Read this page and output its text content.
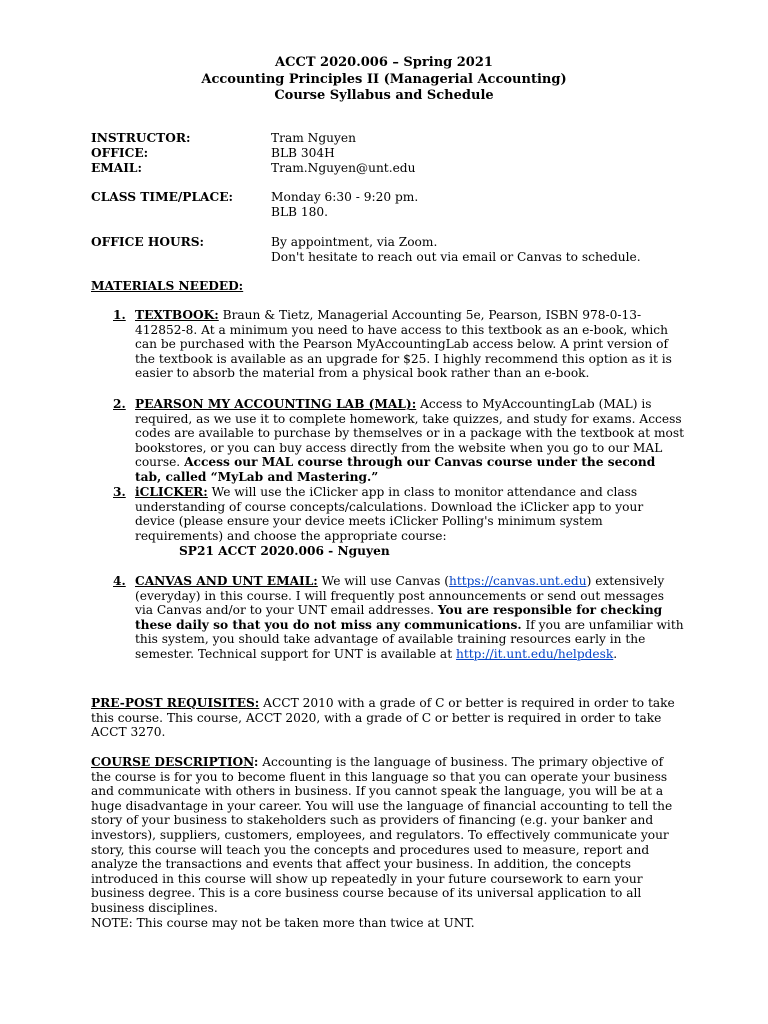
ACCT 2020.006 – Spring 2021
Accounting Principles II (Managerial Accounting)
Course Syllabus and Schedule
INSTRUCTOR:	Tram Nguyen
OFFICE:	BLB 304H
EMAIL:	Tram.Nguyen@unt.edu
CLASS TIME/PLACE:	Monday 6:30 - 9:20 pm.
BLB 180.
OFFICE HOURS:	By appointment, via Zoom.
Don't hesitate to reach out via email or Canvas to schedule.
MATERIALS NEEDED:
1. TEXTBOOK: Braun & Tietz, Managerial Accounting 5e, Pearson, ISBN 978-0-13-412852-8. At a minimum you need to have access to this textbook as an e-book, which can be purchased with the Pearson MyAccountingLab access below. A print version of the textbook is available as an upgrade for $25. I highly recommend this option as it is easier to absorb the material from a physical book rather than an e-book.
2. PEARSON MY ACCOUNTING LAB (MAL): Access to MyAccountingLab (MAL) is required, as we use it to complete homework, take quizzes, and study for exams. Access codes are available to purchase by themselves or in a package with the textbook at most bookstores, or you can buy access directly from the website when you go to our MAL course. Access our MAL course through our Canvas course under the second tab, called “MyLab and Mastering.”
3. iCLICKER: We will use the iClicker app in class to monitor attendance and class understanding of course concepts/calculations. Download the iClicker app to your device (please ensure your device meets iClicker Polling's minimum system requirements) and choose the appropriate course:
SP21 ACCT 2020.006 - Nguyen
4. CANVAS AND UNT EMAIL: We will use Canvas (https://canvas.unt.edu) extensively (everyday) in this course. I will frequently post announcements or send out messages via Canvas and/or to your UNT email addresses. You are responsible for checking these daily so that you do not miss any communications. If you are unfamiliar with this system, you should take advantage of available training resources early in the semester. Technical support for UNT is available at http://it.unt.edu/helpdesk.
PRE-POST REQUISITES: ACCT 2010 with a grade of C or better is required in order to take this course. This course, ACCT 2020, with a grade of C or better is required in order to take ACCT 3270.
COURSE DESCRIPTION: Accounting is the language of business. The primary objective of the course is for you to become fluent in this language so that you can operate your business and communicate with others in business. If you cannot speak the language, you will be at a huge disadvantage in your career. You will use the language of financial accounting to tell the story of your business to stakeholders such as providers of financing (e.g. your banker and investors), suppliers, customers, employees, and regulators. To effectively communicate your story, this course will teach you the concepts and procedures used to measure, report and analyze the transactions and events that affect your business. In addition, the concepts introduced in this course will show up repeatedly in your future coursework to earn your business degree. This is a core business course because of its universal application to all business disciplines.
NOTE: This course may not be taken more than twice at UNT.
